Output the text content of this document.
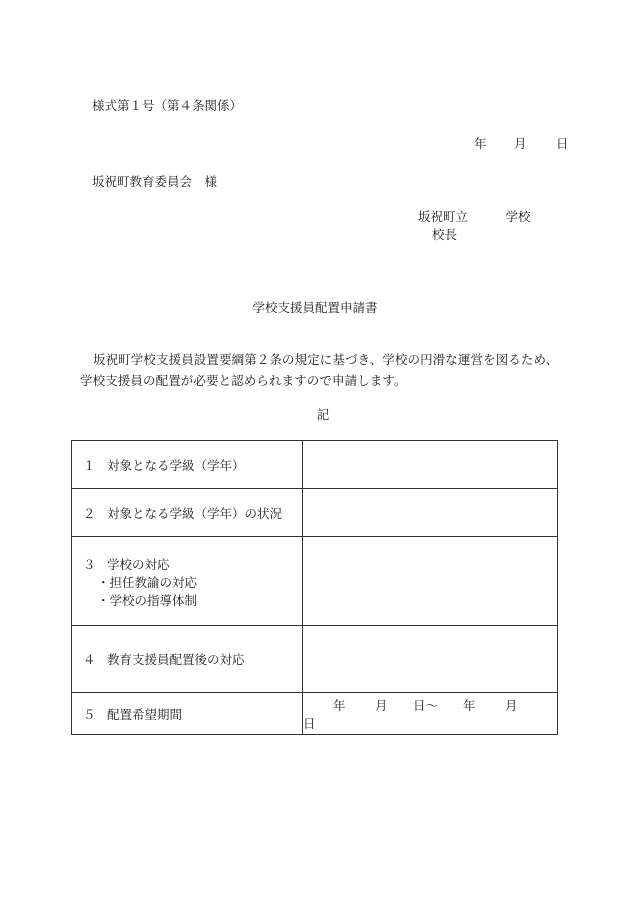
様式第１号（第４条関係）
年 月 日
坂祝町教育委員会　様
坂祝町立　　　学校
校長
学校支援員配置申請書
坂祝町学校支援員設置要綱第２条の規定に基づき、学校の円滑な運営を図るため、学校支援員の配置が必要と認められますので申請します。
記
１ 対象となる学級（学年）	
２ 対象となる学級（学年）の状況	
３ 学校の対応
・担任教諭の対応
・学校の指導体制	

４ 教育支援員配置後の対応	
５ 配置希望期間	年 月 日～ 年 月日
